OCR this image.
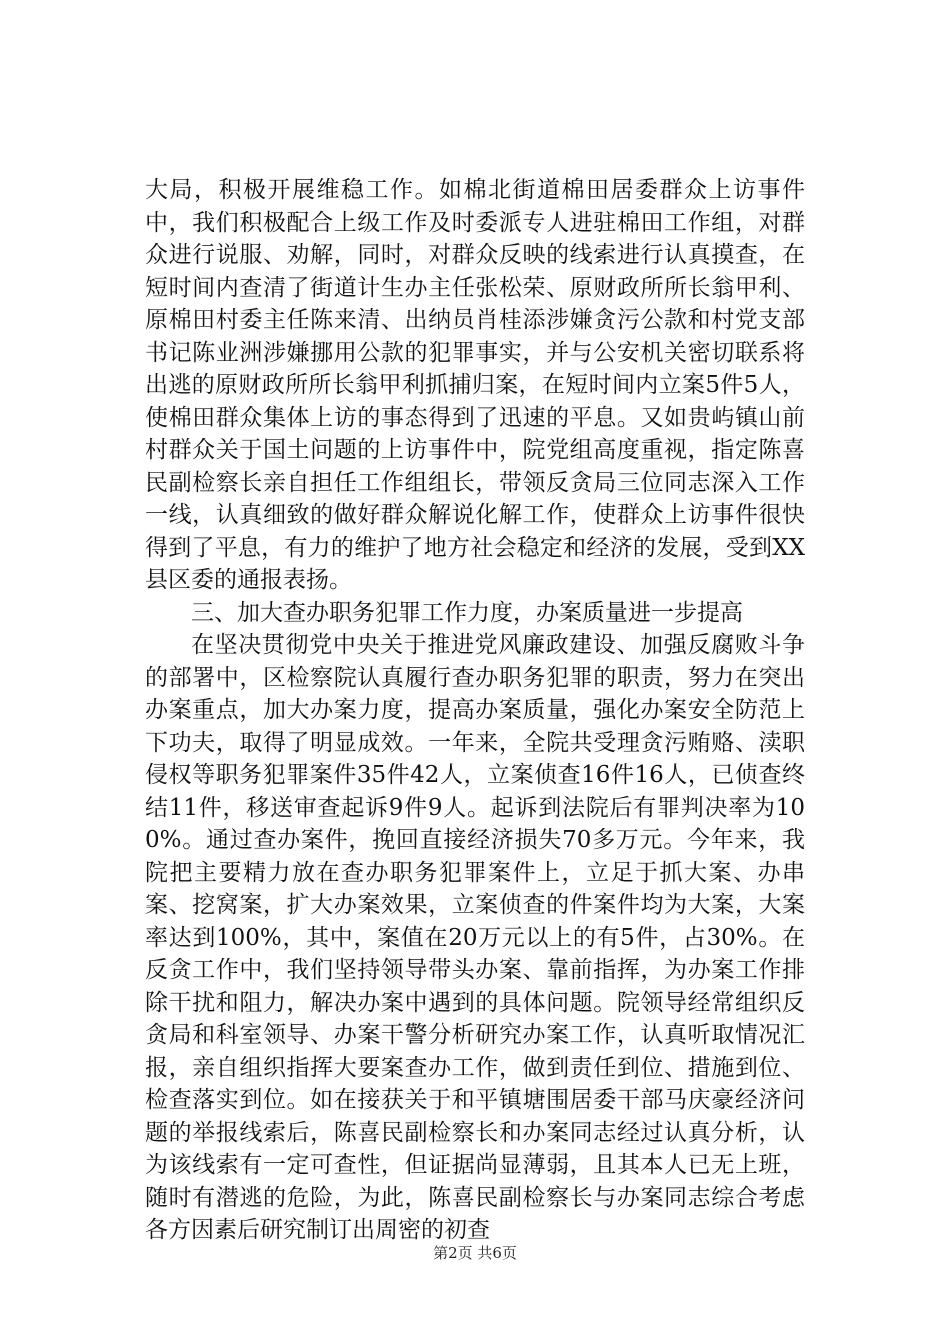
大局，积极开展维稳工作。如棉北街道棉田居委群众上访事件中，我们积极配合上级工作及时委派专人进驻棉田工作组，对群众进行说服、劝解，同时，对群众反映的线索进行认真摸查，在短时间内查清了街道计生办主任张松荣、原财政所所长翁甲利、原棉田村委主任陈来清、出纳员肖桂添涉嫌贪污公款和村党支部书记陈业洲涉嫌挪用公款的犯罪事实，并与公安机关密切联系将出逃的原财政所所长翁甲利抓捕归案，在短时间内立案5件5人，使棉田群众集体上访的事态得到了迅速的平息。又如贵屿镇山前村群众关于国土问题的上访事件中，院党组高度重视，指定陈喜民副检察长亲自担任工作组组长，带领反贪局三位同志深入工作一线，认真细致的做好群众解说化解工作，使群众上访事件很快得到了平息，有力的维护了地方社会稳定和经济的发展，受到XX县区委的通报表扬。

三、加大查办职务犯罪工作力度，办案质量进一步提高

在坚决贯彻党中央关于推进党风廉政建设、加强反腐败斗争的部署中，区检察院认真履行查办职务犯罪的职责，努力在突出办案重点，加大办案力度，提高办案质量，强化办案安全防范上下功夫，取得了明显成效。一年来，全院共受理贪污贿赂、渎职侵权等职务犯罪案件35件42人，立案侦查16件16人，已侦查终结11件，移送审查起诉9件9人。起诉到法院后有罪判决率为100%。通过查办案件，挽回直接经济损失70多万元。今年来，我院把主要精力放在查办职务犯罪案件上，立足于抓大案、办串案、挖窝案，扩大办案效果，立案侦查的件案件均为大案，大案率达到100%，其中，案值在20万元以上的有5件，占30%。在反贪工作中，我们坚持领导带头办案、靠前指挥，为办案工作排除干扰和阻力，解决办案中遇到的具体问题。院领导经常组织反贪局和科室领导、办案干警分析研究办案工作，认真听取情况汇报，亲自组织指挥大要案查办工作，做到责任到位、措施到位、检查落实到位。如在接获关于和平镇塘围居委干部马庆豪经济问题的举报线索后，陈喜民副检察长和办案同志经过认真分析，认为该线索有一定可查性，但证据尚显薄弱，且其本人已无上班，随时有潜逃的危险，为此，陈喜民副检察长与办案同志综合考虑各方因素后研究制订出周密的初查

第2页 共6页
